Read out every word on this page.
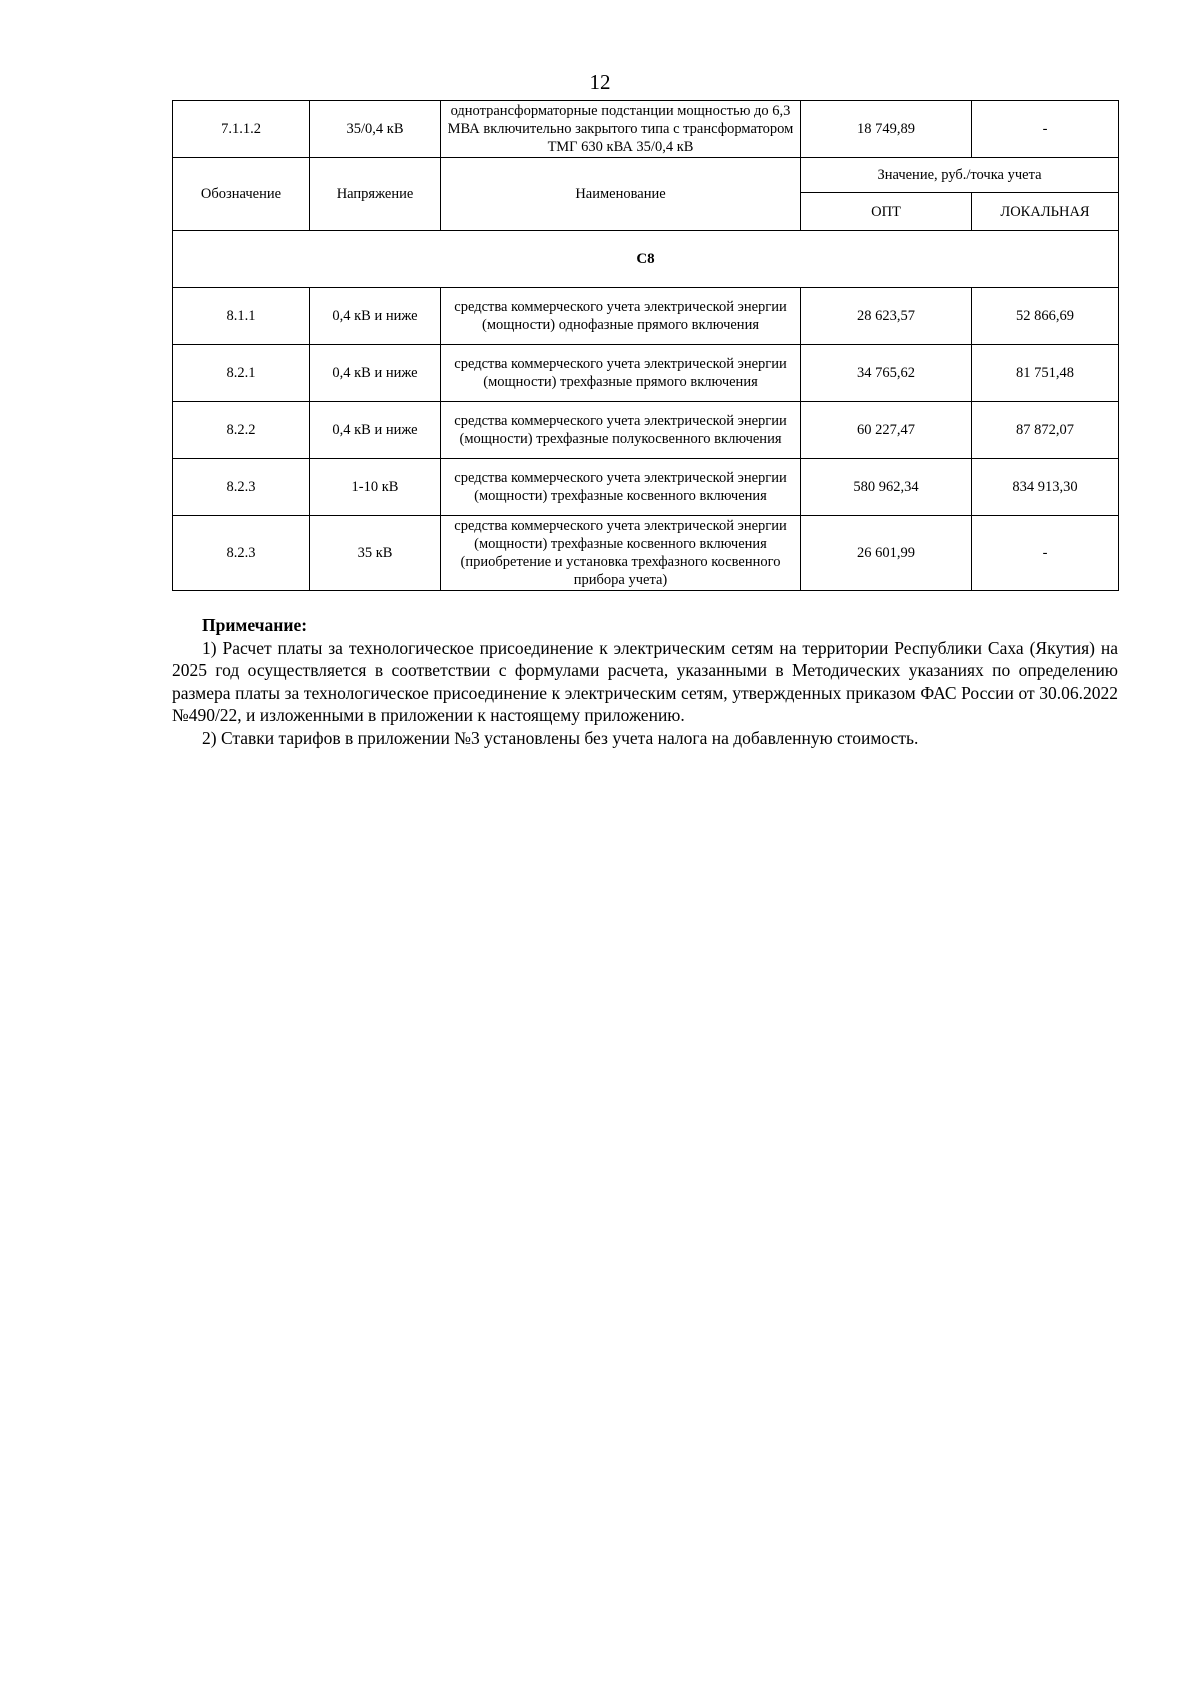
12
7.1.1.2	35/0,4 кВ	однотрансформаторные подстанции мощностью до 6,3 МВА включительно закрытого типа с трансформатором ТМГ 630 кВА 35/0,4 кВ	18 749,89	-
Обозначение	Напряжение	Наименование	Значение, руб./точка учета	
			ОПТ	ЛОКАЛЬНАЯ
С8				
8.1.1	0,4 кВ и ниже	средства коммерческого учета электрической энергии (мощности) однофазные прямого включения	28 623,57	52 866,69
8.2.1	0,4 кВ и ниже	средства коммерческого учета электрической энергии (мощности) трехфазные прямого включения	34 765,62	81 751,48
8.2.2	0,4 кВ и ниже	средства коммерческого учета электрической энергии (мощности) трехфазные полукосвенного включения	60 227,47	87 872,07
8.2.3	1-10 кВ	средства коммерческого учета электрической энергии (мощности) трехфазные косвенного включения	580 962,34	834 913,30
8.2.3	35 кВ	средства коммерческого учета электрической энергии (мощности) трехфазные косвенного включения (приобретение и установка трехфазного косвенного прибора учета)	26 601,99	-
Примечание:

1) Расчет платы за технологическое присоединение к электрическим сетям на территории Республики Саха (Якутия) на 2025 год осуществляется в соответствии с формулами расчета, указанными в Методических указаниях по определению размера платы за технологическое присоединение к электрическим сетям, утвержденных приказом ФАС России от 30.06.2022 №490/22, и изложенными в приложении к настоящему приложению.

2) Ставки тарифов в приложении №3 установлены без учета налога на добавленную стоимость.
